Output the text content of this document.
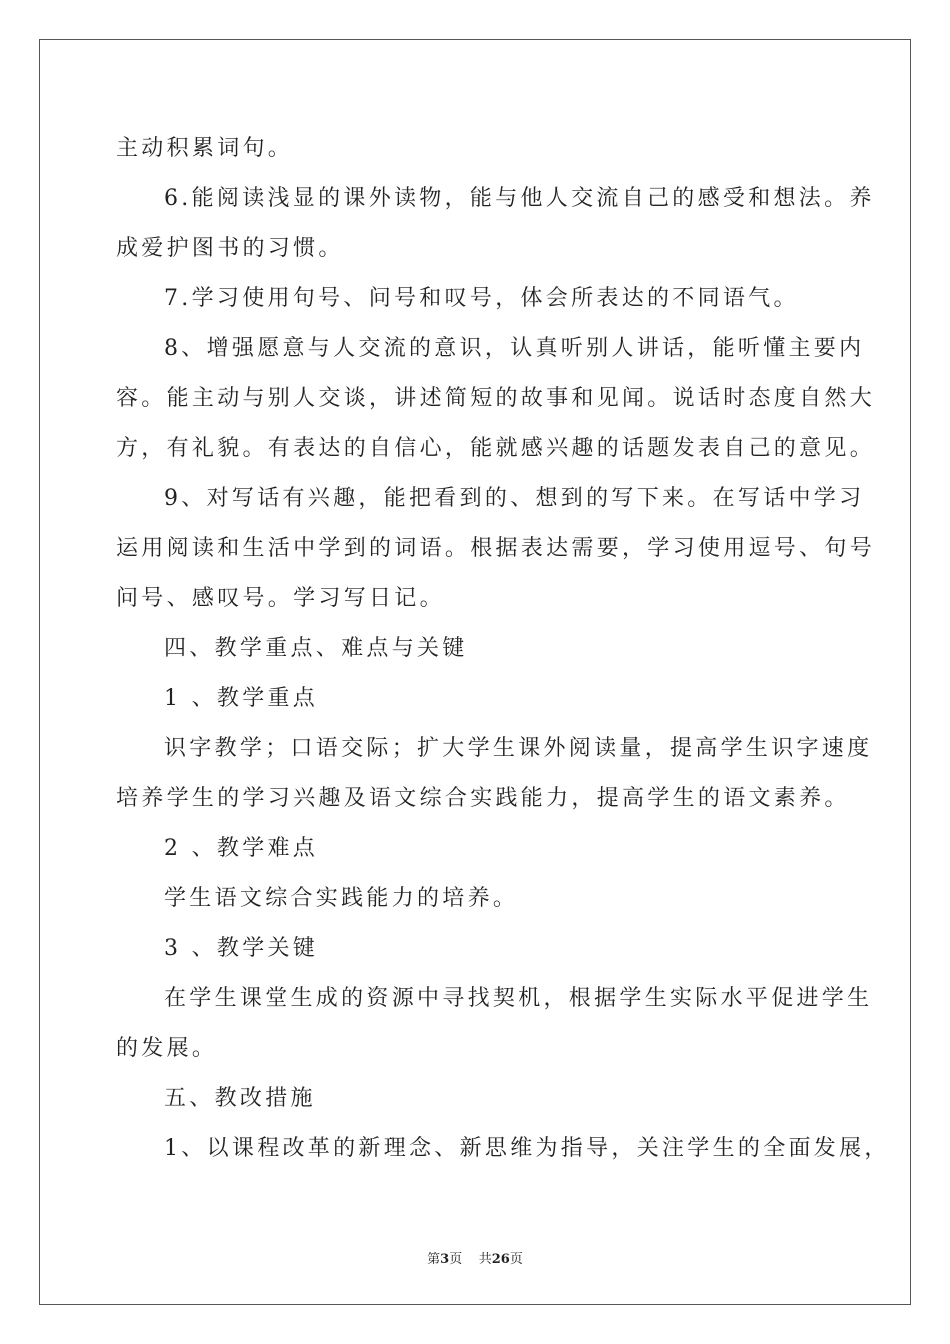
主动积累词句。
6.能阅读浅显的课外读物，能与他人交流自己的感受和想法。养
成爱护图书的习惯。
7.学习使用句号、问号和叹号，体会所表达的不同语气。
8、增强愿意与人交流的意识，认真听别人讲话，能听懂主要内
容。能主动与别人交谈，讲述简短的故事和见闻。说话时态度自然大
方，有礼貌。有表达的自信心，能就感兴趣的话题发表自己的意见。
9、对写话有兴趣，能把看到的、想到的写下来。在写话中学习
运用阅读和生活中学到的词语。根据表达需要，学习使用逗号、句号
问号、感叹号。学习写日记。
四、教学重点、难点与关键
1 、教学重点
识字教学；口语交际；扩大学生课外阅读量，提高学生识字速度
培养学生的学习兴趣及语文综合实践能力，提高学生的语文素养。
2 、教学难点
学生语文综合实践能力的培养。
3 、教学关键
在学生课堂生成的资源中寻找契机，根据学生实际水平促进学生
的发展。
五、教改措施
1、以课程改革的新理念、新思维为指导，关注学生的全面发展，
第3页 共26页
